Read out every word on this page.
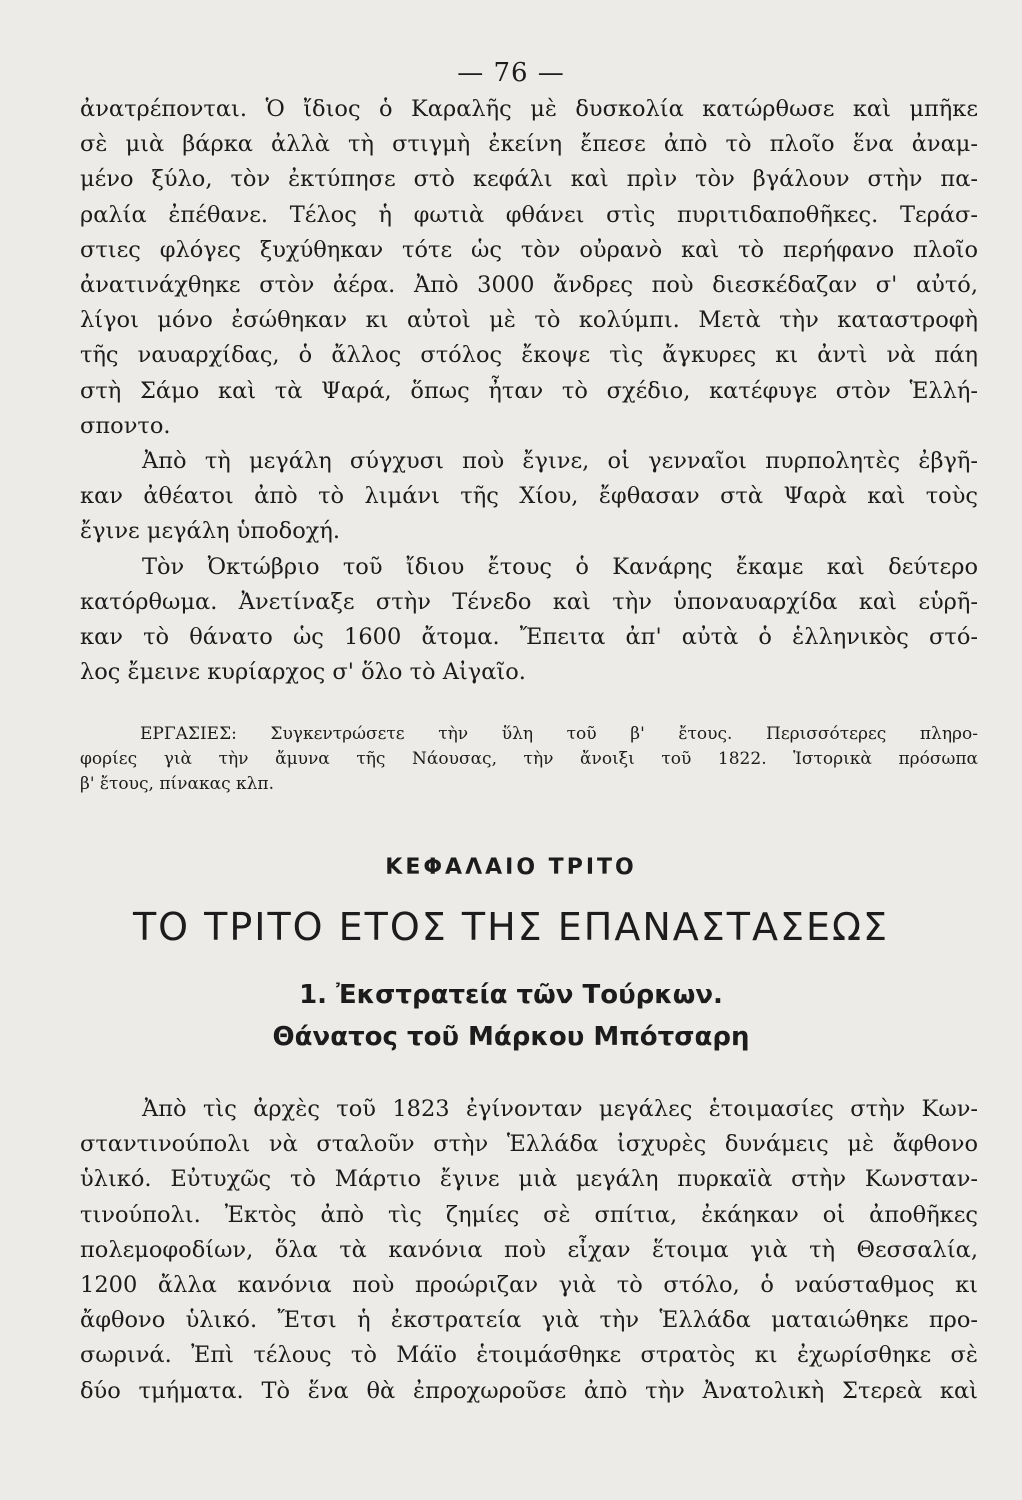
— 76 —

ἀνατρέπονται. Ὁ ἴδιος ὁ Καραλῆς μὲ δυσκολία κατώρθωσε καὶ μπῆκε
σὲ μιὰ βάρκα ἀλλὰ τὴ στιγμὴ ἐκείνη ἔπεσε ἀπὸ τὸ πλοῖο ἕνα ἀναμ-
μένο ξύλο, τὸν ἐκτύπησε στὸ κεφάλι καὶ πρὶν τὸν βγάλουν στὴν πα-
ραλία ἐπέθανε. Τέλος ἡ φωτιὰ φθάνει στὶς πυριτιδαποθῆκες. Τεράσ-
στιες φλόγες ξυχύθηκαν τότε ὡς τὸν οὐρανὸ καὶ τὸ περήφανο πλοῖο
ἀνατινάχθηκε στὸν ἀέρα. Ἀπὸ 3000 ἄνδρες ποὺ διεσκέδαζαν σ' αὐτό,
λίγοι μόνο ἐσώθηκαν κι αὐτοὶ μὲ τὸ κολύμπι. Μετὰ τὴν καταστροφὴ
τῆς ναυαρχίδας, ὁ ἄλλος στόλος ἔκοψε τὶς ἄγκυρες κι ἀντὶ νὰ πάη
στὴ Σάμο καὶ τὰ Ψαρά, ὅπως ἦταν τὸ σχέδιο, κατέφυγε στὸν Ἑλλή-
σποντο.

Ἀπὸ τὴ μεγάλη σύγχυσι ποὺ ἔγινε, οἱ γενναῖοι πυρπολητὲς ἐβγῆ-
καν ἀθέατοι ἀπὸ τὸ λιμάνι τῆς Χίου, ἔφθασαν στὰ Ψαρὰ καὶ τοὺς
ἔγινε μεγάλη ὑποδοχή.

Τὸν Ὀκτώβριο τοῦ ἴδιου ἔτους ὁ Κανάρης ἔκαμε καὶ δεύτερο
κατόρθωμα. Ἀνετίναξε στὴν Τένεδο καὶ τὴν ὑποναυαρχίδα καὶ εὑρῆ-
καν τὸ θάνατο ὡς 1600 ἄτομα. Ἔπειτα ἀπ' αὐτὰ ὁ ἑλληνικὸς στό-
λος ἔμεινε κυρίαρχος σ' ὅλο τὸ Αἰγαῖο.

ΕΡΓΑΣΙΕΣ: Συγκεντρώσετε τὴν ὕλη τοῦ β' ἔτους. Περισσότερες πληρο-
φορίες γιὰ τὴν ἄμυνα τῆς Νάουσας, τὴν ἄνοιξι τοῦ 1822. Ἱστορικὰ πρόσωπα
β' ἔτους, πίνακας κλπ.
ΚΕΦΑΛΑΙΟ ΤΡΙΤΟ
ΤΟ ΤΡΙΤΟ ΕΤΟΣ ΤΗΣ ΕΠΑΝΑΣΤΑΣΕΩΣ
1. Ἐκστρατεία τῶν Τούρκων.
Θάνατος τοῦ Μάρκου Μπότσαρη

Ἀπὸ τὶς ἀρχὲς τοῦ 1823 ἐγίνονταν μεγάλες ἑτοιμασίες στὴν Κων-
σταντινούπολι νὰ σταλοῦν στὴν Ἑλλάδα ἰσχυρὲς δυνάμεις μὲ ἄφθονο
ὑλικό. Εὐτυχῶς τὸ Μάρτιο ἔγινε μιὰ μεγάλη πυρκαϊὰ στὴν Κωνσταν-
τινούπολι. Ἐκτὸς ἀπὸ τὶς ζημίες σὲ σπίτια, ἐκάηκαν οἱ ἀποθῆκες
πολεμοφοδίων, ὅλα τὰ κανόνια ποὺ εἶχαν ἕτοιμα γιὰ τὴ Θεσσαλία,
1200 ἄλλα κανόνια ποὺ προώριζαν γιὰ τὸ στόλο, ὁ ναύσταθμος κι
ἄφθονο ὑλικό. Ἔτσι ἡ ἐκστρατεία γιὰ τὴν Ἑλλάδα ματαιώθηκε προ-
σωρινά. Ἐπὶ τέλους τὸ Μάϊο ἑτοιμάσθηκε στρατὸς κι ἐχωρίσθηκε σὲ
δύο τμήματα. Τὸ ἕνα θὰ ἐπροχωροῦσε ἀπὸ τὴν Ἀνατολικὴ Στερεὰ καὶ
